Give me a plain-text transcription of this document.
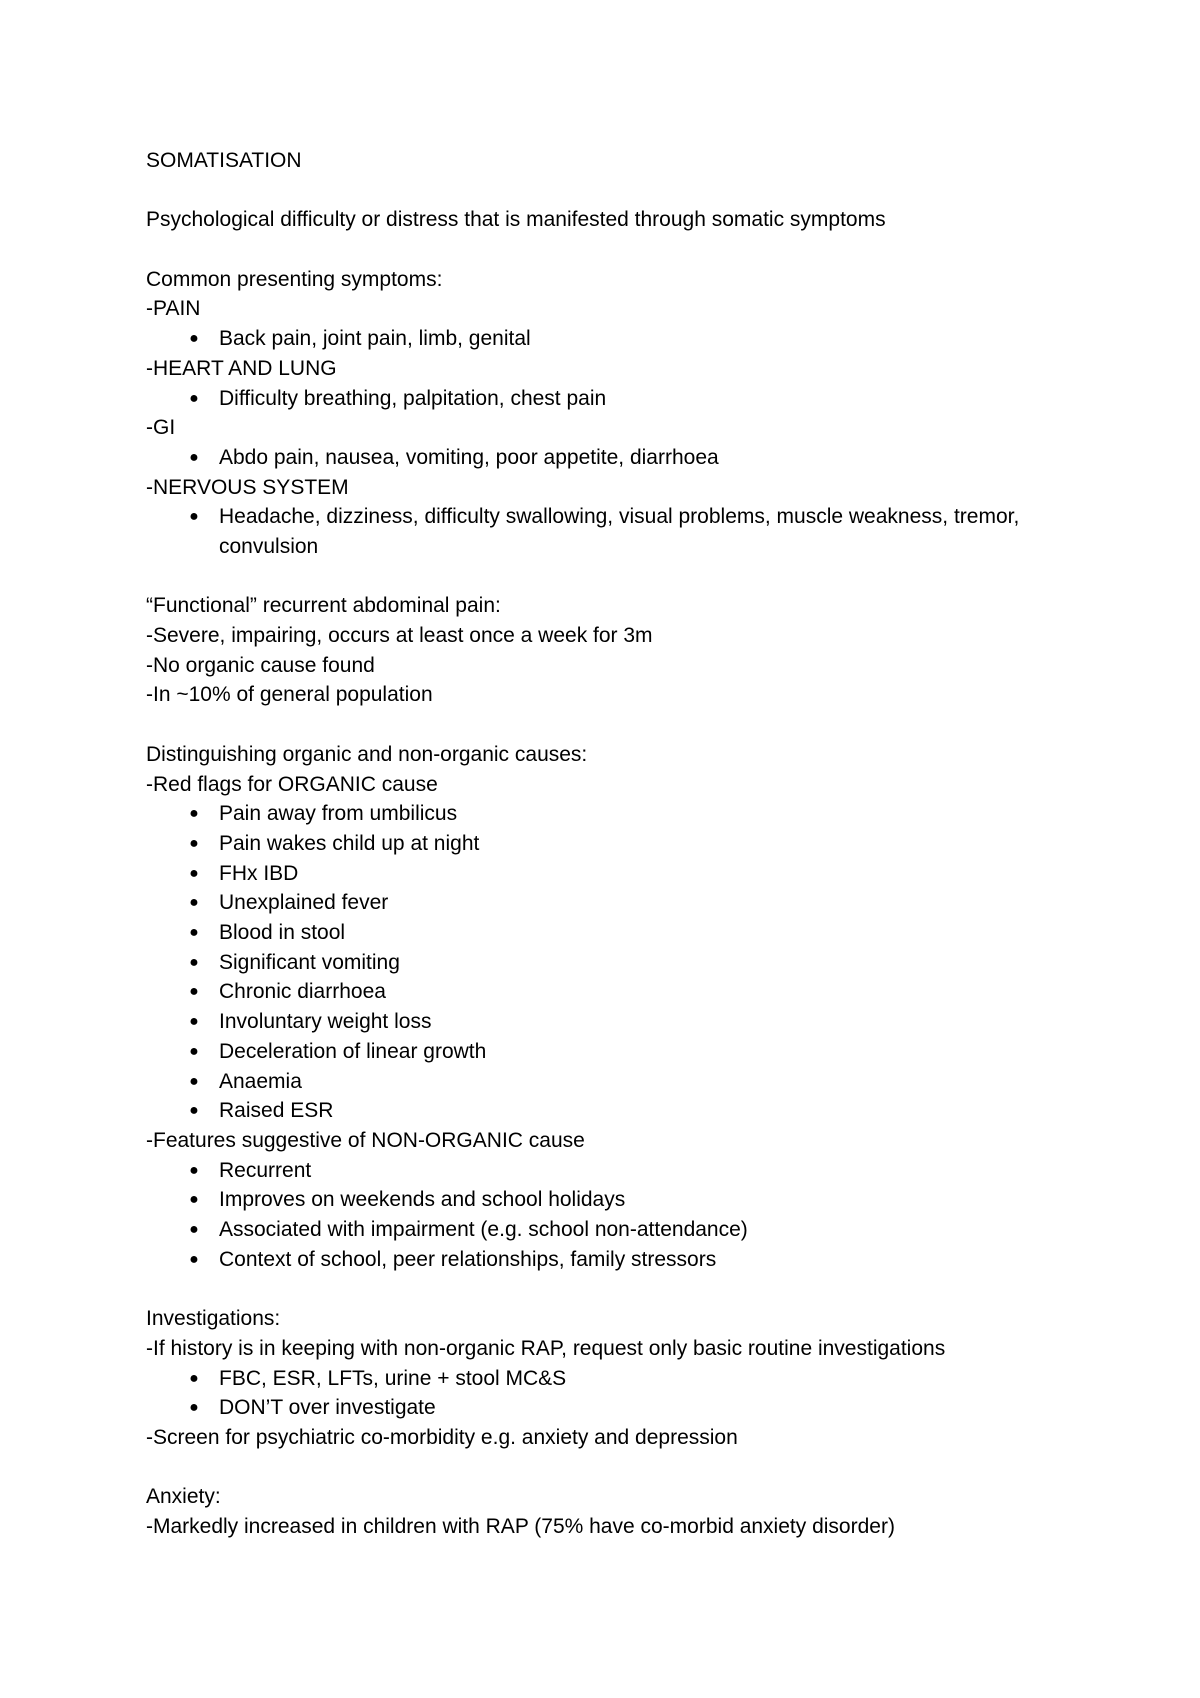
SOMATISATION
Psychological difficulty or distress that is manifested through somatic symptoms
Common presenting symptoms:
-PAIN
● Back pain, joint pain, limb, genital
-HEART AND LUNG
● Difficulty breathing, palpitation, chest pain
-GI
● Abdo pain, nausea, vomiting, poor appetite, diarrhoea
-NERVOUS SYSTEM
● Headache, dizziness, difficulty swallowing, visual problems, muscle weakness, tremor, convulsion
“Functional” recurrent abdominal pain:
-Severe, impairing, occurs at least once a week for 3m
-No organic cause found
-In ~10% of general population
Distinguishing organic and non-organic causes:
-Red flags for ORGANIC cause
● Pain away from umbilicus
● Pain wakes child up at night
● FHx IBD
● Unexplained fever
● Blood in stool
● Significant vomiting
● Chronic diarrhoea
● Involuntary weight loss
● Deceleration of linear growth
● Anaemia
● Raised ESR
-Features suggestive of NON-ORGANIC cause
● Recurrent
● Improves on weekends and school holidays
● Associated with impairment (e.g. school non-attendance)
● Context of school, peer relationships, family stressors
Investigations:
-If history is in keeping with non-organic RAP, request only basic routine investigations
● FBC, ESR, LFTs, urine + stool MC&S
● DON’T over investigate
-Screen for psychiatric co-morbidity e.g. anxiety and depression
Anxiety:
-Markedly increased in children with RAP (75% have co-morbid anxiety disorder)
